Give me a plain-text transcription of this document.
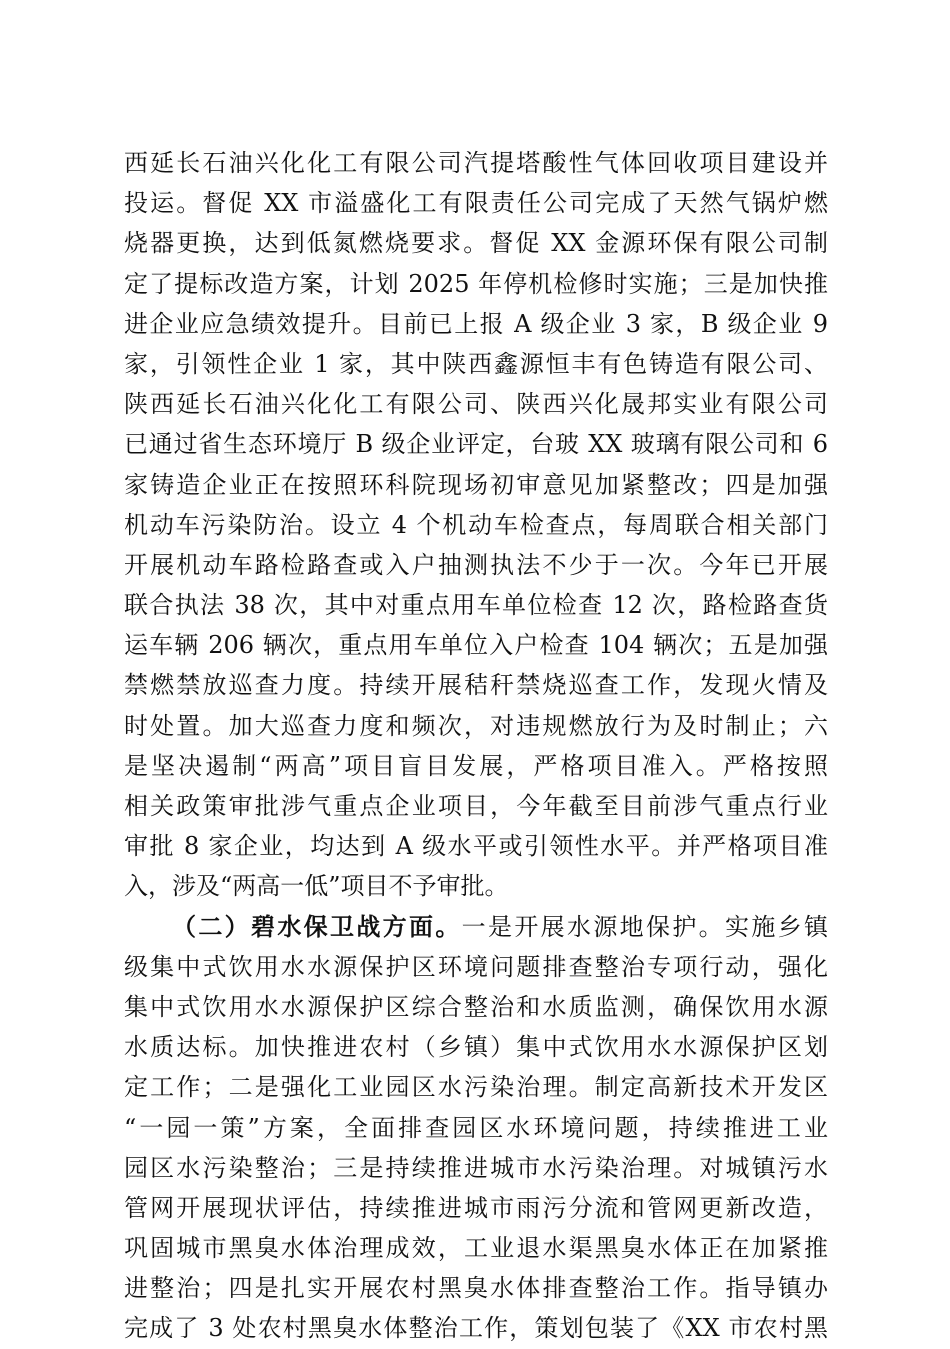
西延长石油兴化化工有限公司汽提塔酸性气体回收项目建设并
投运。督促 XX 市溢盛化工有限责任公司完成了天然气锅炉燃
烧器更换，达到低氮燃烧要求。督促 XX 金源环保有限公司制
定了提标改造方案，计划 2025 年停机检修时实施；三是加快推
进企业应急绩效提升。目前已上报 A 级企业 3 家，B 级企业 9
家，引领性企业 1 家，其中陕西鑫源恒丰有色铸造有限公司、
陕西延长石油兴化化工有限公司、陕西兴化晟邦实业有限公司
已通过省生态环境厅 B 级企业评定，台玻 XX 玻璃有限公司和 6
家铸造企业正在按照环科院现场初审意见加紧整改；四是加强
机动车污染防治。设立 4 个机动车检查点，每周联合相关部门
开展机动车路检路查或入户抽测执法不少于一次。今年已开展
联合执法 38 次，其中对重点用车单位检查 12 次，路检路查货
运车辆 206 辆次，重点用车单位入户检查 104 辆次；五是加强
禁燃禁放巡查力度。持续开展秸秆禁烧巡查工作，发现火情及
时处置。加大巡查力度和频次，对违规燃放行为及时制止；六
是坚决遏制“两高”项目盲目发展，严格项目准入。严格按照
相关政策审批涉气重点企业项目，今年截至目前涉气重点行业
审批 8 家企业，均达到 A 级水平或引领性水平。并严格项目准
入，涉及“两高一低”项目不予审批。
（二）碧水保卫战方面。一是开展水源地保护。实施乡镇
级集中式饮用水水源保护区环境问题排查整治专项行动，强化
集中式饮用水水源保护区综合整治和水质监测，确保饮用水源
水质达标。加快推进农村（乡镇）集中式饮用水水源保护区划
定工作；二是强化工业园区水污染治理。制定高新技术开发区
“一园一策”方案，全面排查园区水环境问题，持续推进工业
园区水污染整治；三是持续推进城市水污染治理。对城镇污水
管网开展现状评估，持续推进城市雨污分流和管网更新改造，
巩固城市黑臭水体治理成效，工业退水渠黑臭水体正在加紧推
进整治；四是扎实开展农村黑臭水体排查整治工作。指导镇办
完成了 3 处农村黑臭水体整治工作，策划包装了《XX 市农村黑
